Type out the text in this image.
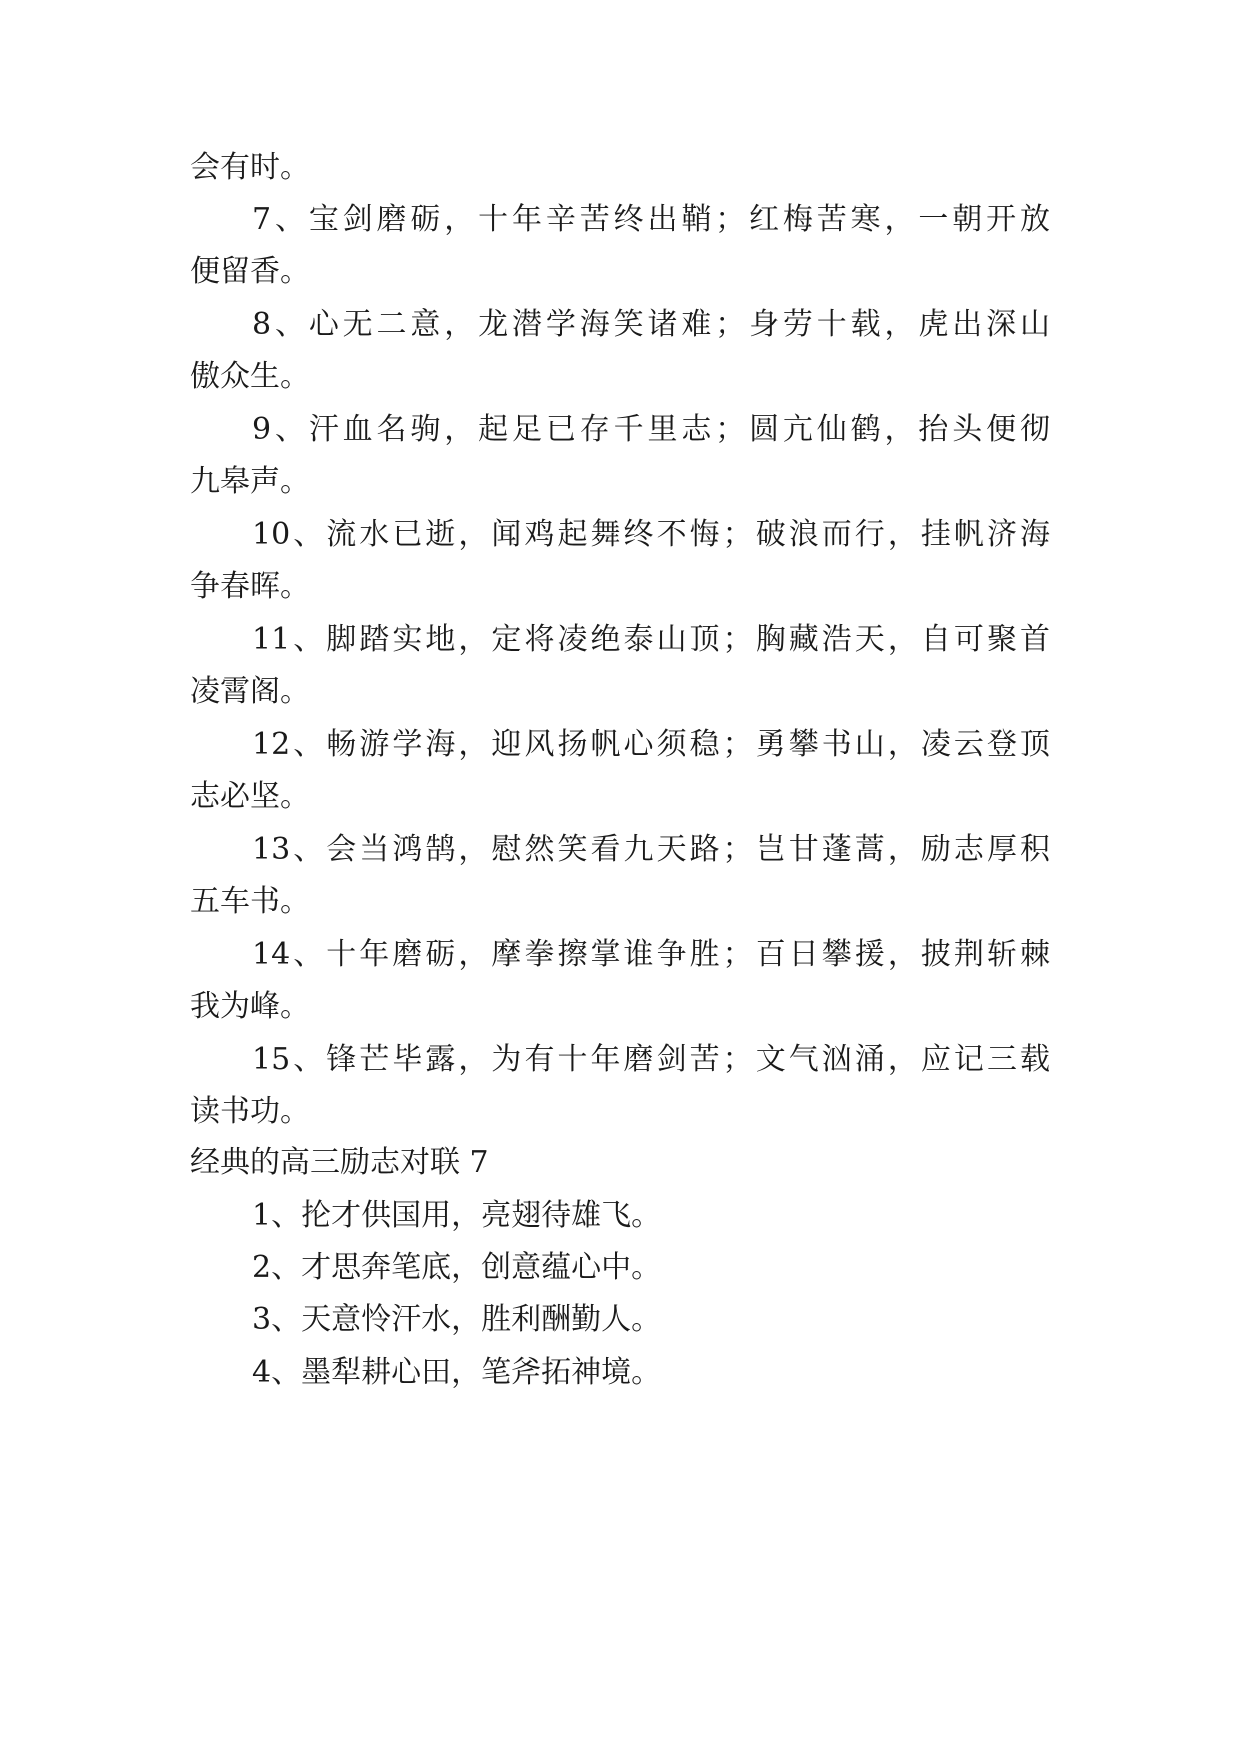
会有时。
7、宝剑磨砺，十年辛苦终出鞘；红梅苦寒，一朝开放
便留香。
8、心无二意，龙潜学海笑诸难；身劳十载，虎出深山
傲众生。
9、汗血名驹，起足已存千里志；圆亢仙鹤，抬头便彻
九皋声。
10、流水已逝，闻鸡起舞终不悔；破浪而行，挂帆济海
争春晖。
11、脚踏实地，定将凌绝泰山顶；胸藏浩天，自可聚首
凌霄阁。
12、畅游学海，迎风扬帆心须稳；勇攀书山，凌云登顶
志必坚。
13、会当鸿鹄，慰然笑看九天路；岂甘蓬蒿，励志厚积
五车书。
14、十年磨砺，摩拳擦掌谁争胜；百日攀援，披荆斩棘
我为峰。
15、锋芒毕露，为有十年磨剑苦；文气汹涌，应记三载
读书功。
经典的高三励志对联 7
1、抡才供国用，亮翅待雄飞。
2、才思奔笔底，创意蕴心中。
3、天意怜汗水，胜利酬勤人。
4、墨犁耕心田，笔斧拓神境。
